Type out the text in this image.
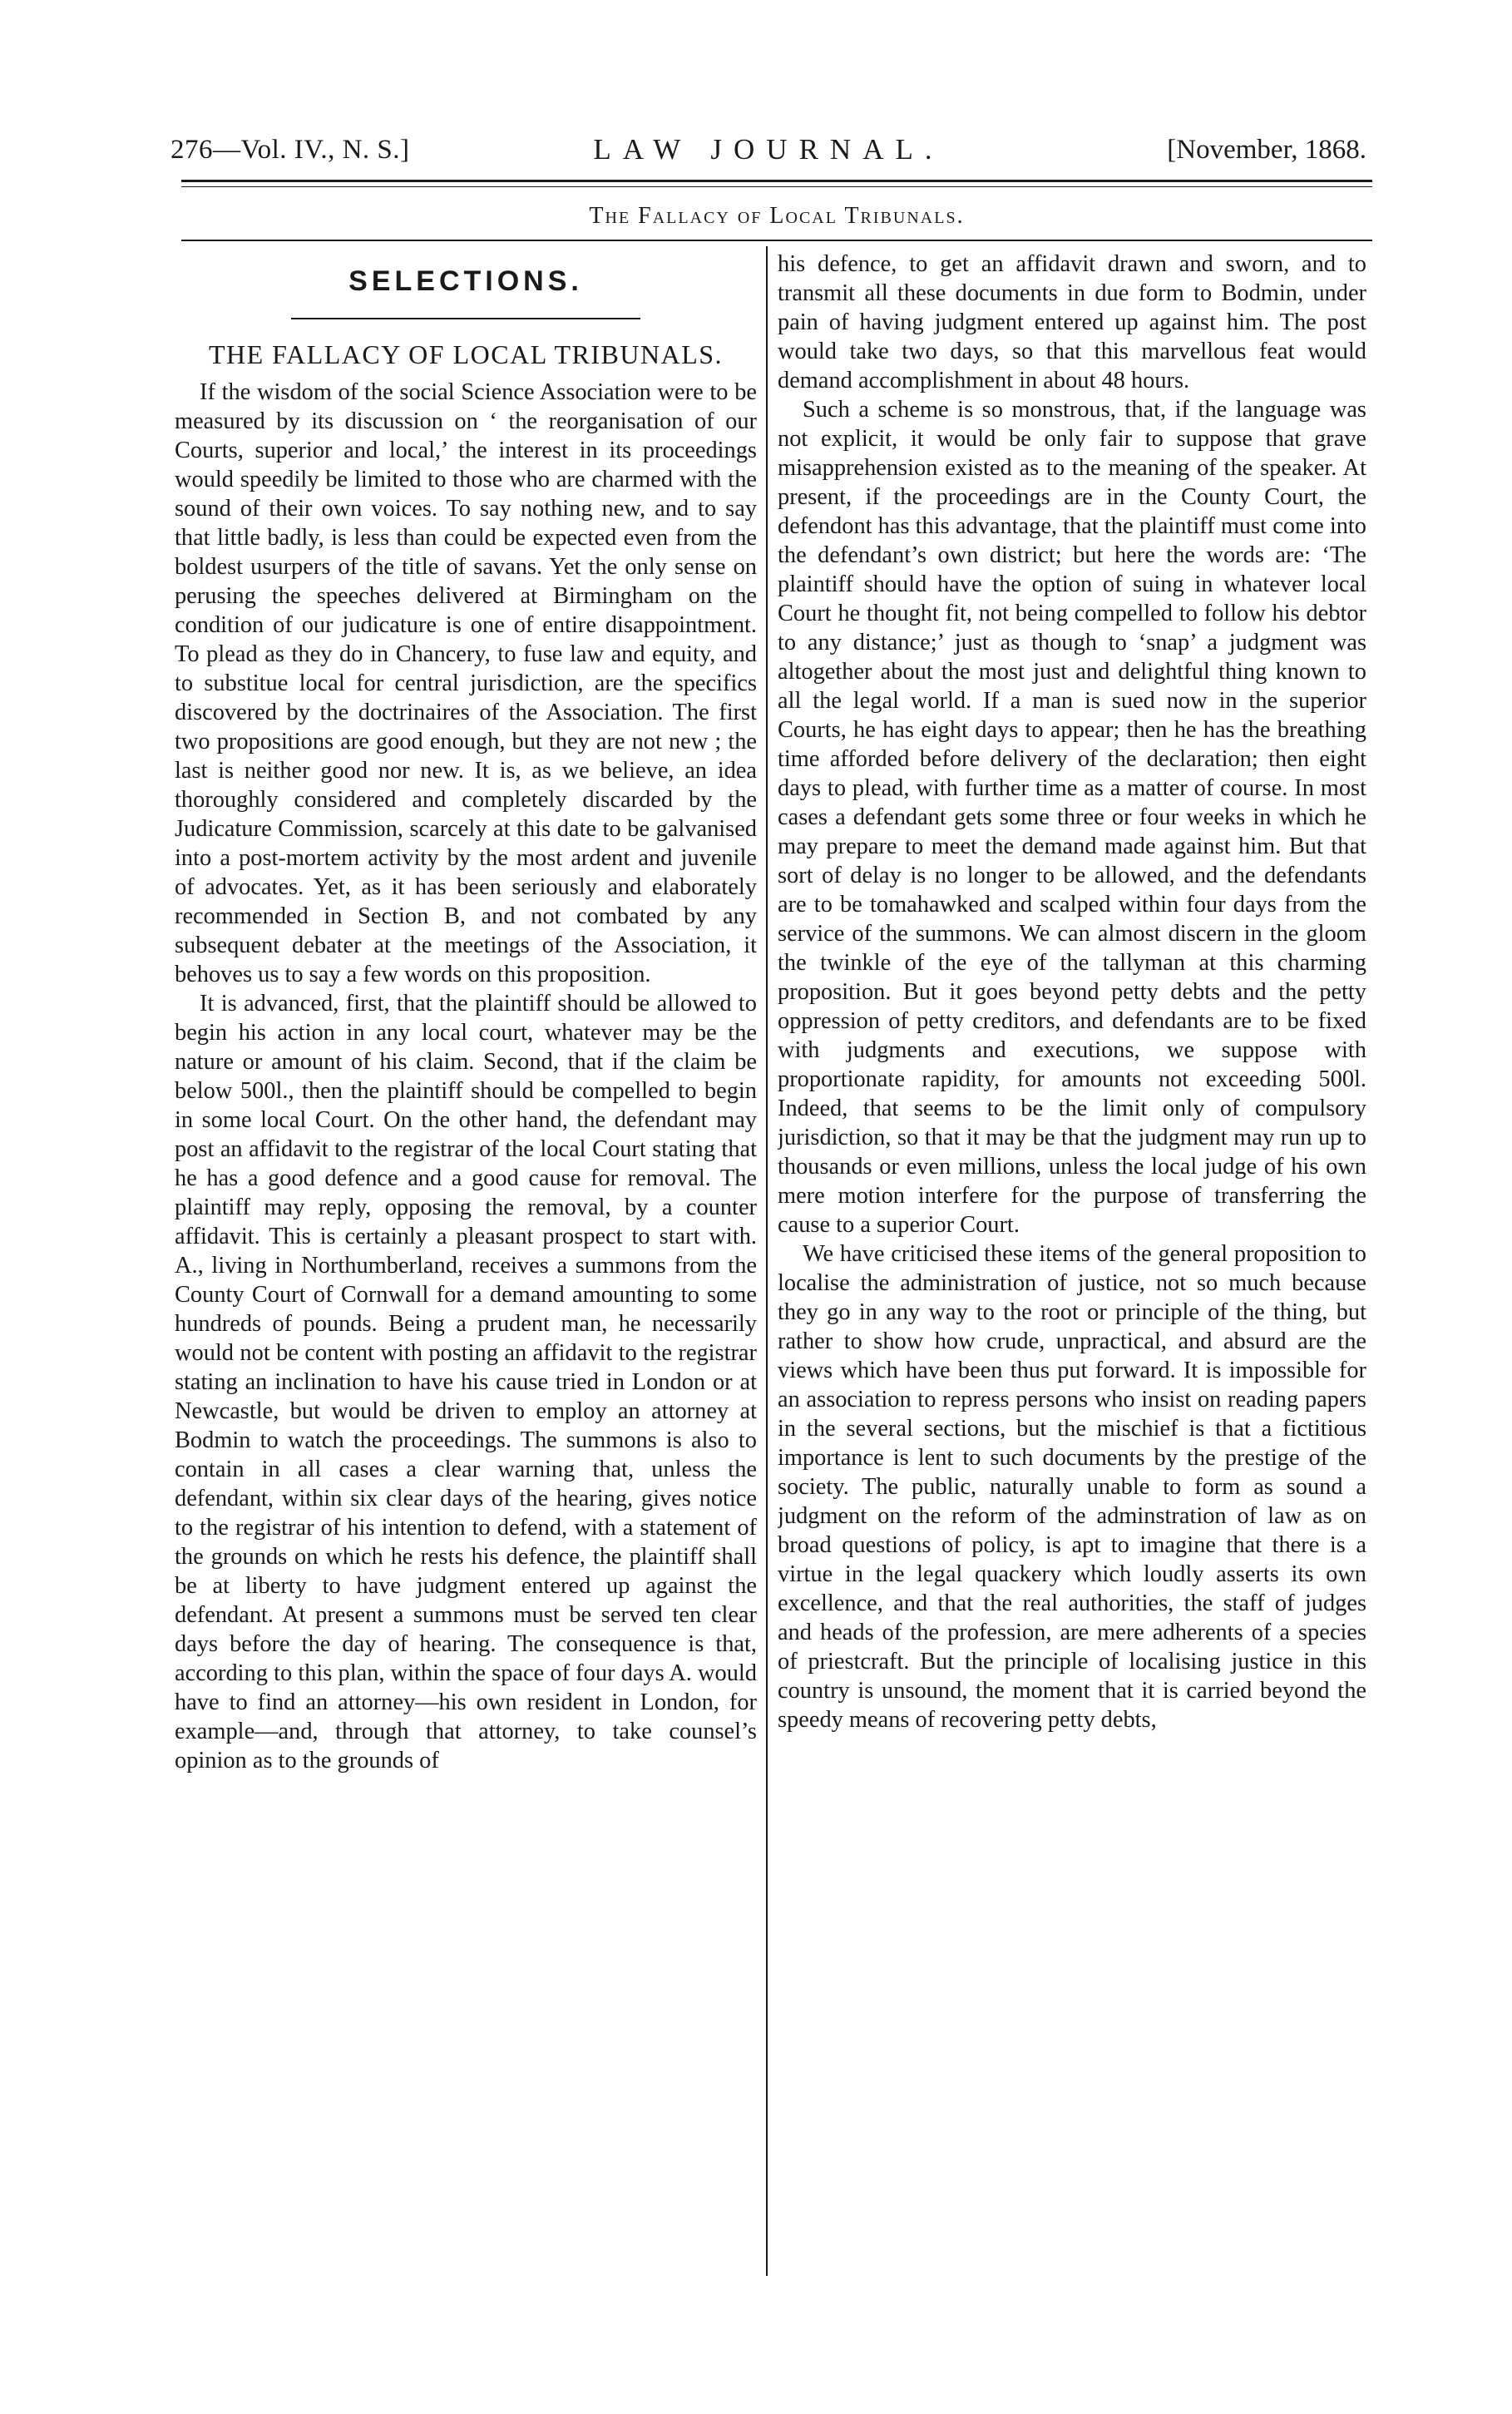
276—Vol. IV., N. S.]	LAW JOURNAL.	[November, 1868.
The Fallacy of Local Tribunals.
SELECTIONS.
THE FALLACY OF LOCAL TRIBUNALS.

If the wisdom of the social Science Association were to be measured by its discussion on ‘ the reorganisation of our Courts, superior and local,’ the interest in its proceedings would speedily be limited to those who are charmed with the sound of their own voices. To say nothing new, and to say that little badly, is less than could be expected even from the boldest usurpers of the title of savans. Yet the only sense on perusing the speeches delivered at Birmingham on the condition of our judicature is one of entire disappointment. To plead as they do in Chancery, to fuse law and equity, and to substitue local for central jurisdiction, are the specifics discovered by the doctrinaires of the Association. The first two propositions are good enough, but they are not new ; the last is neither good nor new. It is, as we believe, an idea thoroughly considered and completely discarded by the Judicature Commission, scarcely at this date to be galvanised into a post-mortem activity by the most ardent and juvenile of advocates. Yet, as it has been seriously and elaborately recommended in Section B, and not combated by any subsequent debater at the meetings of the Association, it behoves us to say a few words on this proposition.

It is advanced, first, that the plaintiff should be allowed to begin his action in any local court, whatever may be the nature or amount of his claim. Second, that if the claim be below 500l., then the plaintiff should be compelled to begin in some local Court. On the other hand, the defendant may post an affidavit to the registrar of the local Court stating that he has a good defence and a good cause for removal. The plaintiff may reply, opposing the removal, by a counter affidavit. This is certainly a pleasant prospect to start with. A., living in Northumberland, receives a summons from the County Court of Cornwall for a demand amounting to some hundreds of pounds. Being a prudent man, he necessarily would not be content with posting an affidavit to the registrar stating an inclination to have his cause tried in London or at Newcastle, but would be driven to employ an attorney at Bodmin to watch the proceedings. The summons is also to contain in all cases a clear warning that, unless the defendant, within six clear days of the hearing, gives notice to the registrar of his intention to defend, with a statement of the grounds on which he rests his defence, the plaintiff shall be at liberty to have judgment entered up against the defendant. At present a summons must be served ten clear days before the day of hearing. The consequence is that, according to this plan, within the space of four days A. would have to find an attorney—his own resident in London, for example—and, through that attorney, to take counsel’s opinion as to the grounds of

his defence, to get an affidavit drawn and sworn, and to transmit all these documents in due form to Bodmin, under pain of having judgment entered up against him. The post would take two days, so that this marvellous feat would demand accomplishment in about 48 hours.

Such a scheme is so monstrous, that, if the language was not explicit, it would be only fair to suppose that grave misapprehension existed as to the meaning of the speaker. At present, if the proceedings are in the County Court, the defendont has this advantage, that the plaintiff must come into the defendant’s own district; but here the words are: ‘The plaintiff should have the option of suing in whatever local Court he thought fit, not being compelled to follow his debtor to any distance;’ just as though to ‘snap’ a judgment was altogether about the most just and delightful thing known to all the legal world. If a man is sued now in the superior Courts, he has eight days to appear; then he has the breathing time afforded before delivery of the declaration; then eight days to plead, with further time as a matter of course. In most cases a defendant gets some three or four weeks in which he may prepare to meet the demand made against him. But that sort of delay is no longer to be allowed, and the defendants are to be tomahawked and scalped within four days from the service of the summons. We can almost discern in the gloom the twinkle of the eye of the tallyman at this charming proposition. But it goes beyond petty debts and the petty oppression of petty creditors, and defendants are to be fixed with judgments and executions, we suppose with proportionate rapidity, for amounts not exceeding 500l. Indeed, that seems to be the limit only of compulsory jurisdiction, so that it may be that the judgment may run up to thousands or even millions, unless the local judge of his own mere motion interfere for the purpose of transferring the cause to a superior Court.

We have criticised these items of the general proposition to localise the administration of justice, not so much because they go in any way to the root or principle of the thing, but rather to show how crude, unpractical, and absurd are the views which have been thus put forward. It is impossible for an association to repress persons who insist on reading papers in the several sections, but the mischief is that a fictitious importance is lent to such documents by the prestige of the society. The public, naturally unable to form as sound a judgment on the reform of the adminstration of law as on broad questions of policy, is apt to imagine that there is a virtue in the legal quackery which loudly asserts its own excellence, and that the real authorities, the staff of judges and heads of the profession, are mere adherents of a species of priestcraft. But the principle of localising justice in this country is unsound, the moment that it is carried beyond the speedy means of recovering petty debts,
